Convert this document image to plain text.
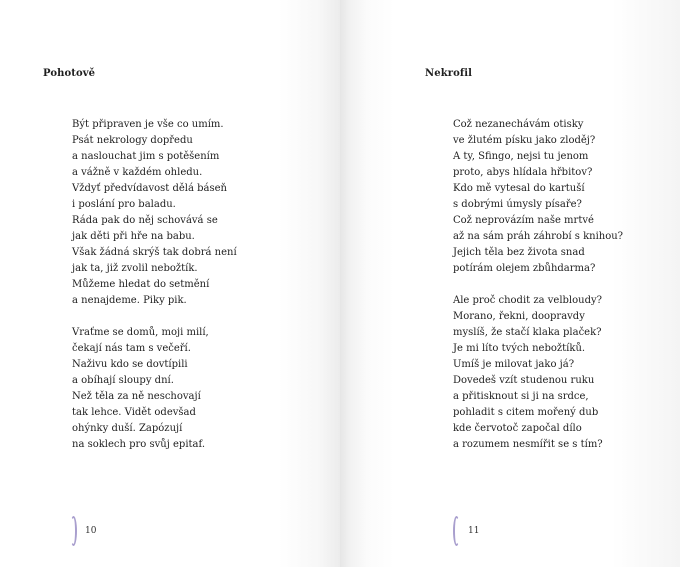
Pohotově

Být připraven je vše co umím.
Psát nekrology dopředu
a naslouchat jim s potěšením
a vážně v každém ohledu.
Vždyť předvídavost dělá báseň
i poslání pro baladu.
Ráda pak do něj schovává se
jak děti při hře na babu.
Však žádná skrýš tak dobrá není
jak ta, již zvolil nebožtík.
Můžeme hledat do setmění
a nenajdeme. Piky pik.

Vraťme se domů, moji milí,
čekají nás tam s večeří.
Naživu kdo se dovtípili
a obíhají sloupy dní.
Než těla za ně neschovají
tak lehce. Vidět odevšad
ohýnky duší. Zapózují
na soklech pro svůj epitaf.

10
Nekrofil

Což nezanechávám otisky
ve žlutém písku jako zloděj?
A ty, Sfingo, nejsi tu jenom
proto, abys hlídala hřbitov?
Kdo mě vytesal do kartuší
s dobrými úmysly písaře?
Což neprovázím naše mrtvé
až na sám práh záhrobí s knihou?
Jejich těla bez života snad
potírám olejem zbůhdarma?

Ale proč chodit za velbloudy?
Morano, řekni, doopravdy
myslíš, že stačí klaka plaček?
Je mi líto tvých nebožtíků.
Umíš je milovat jako já?
Dovedeš vzít studenou ruku
a přitisknout si ji na srdce,
pohladit s citem mořený dub
kde červotoč započal dílo
a rozumem nesmířit se s tím?

11
